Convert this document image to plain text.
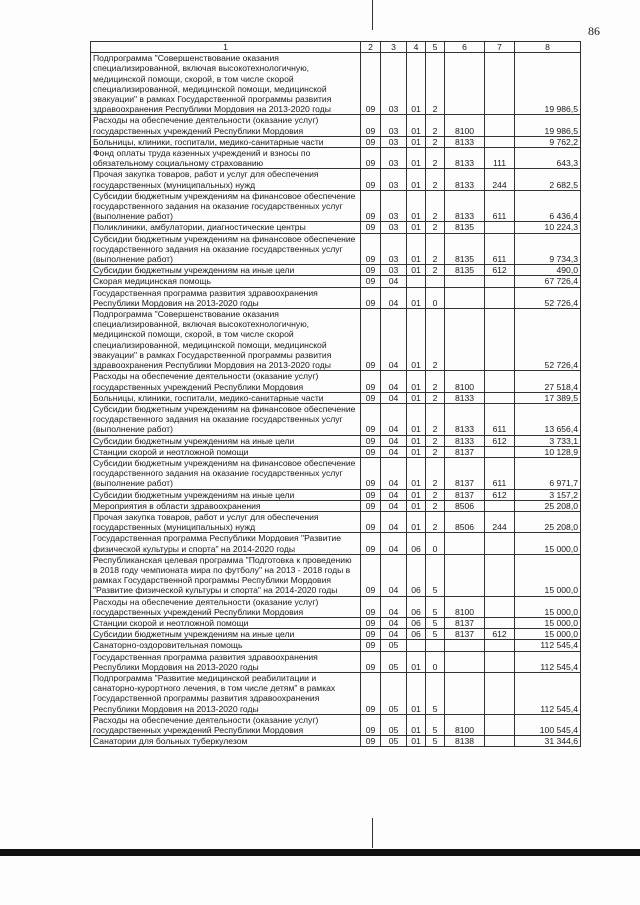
86
1	2	3	4	5	6	7	8
Подпрограмма "Совершенствование оказания специализированной, включая высокотехнологичную, медицинской помощи, скорой, в том числе скорой специализированной, медицинской помощи, медицинской эвакуации" в рамках Государственной программы развития здравоохранения Республики Мордовия на 2013-2020 годы	09	03	01	2			19 986,5
Расходы на обеспечение деятельности (оказание услуг) государственных учреждений Республики Мордовия	09	03	01	2	8100		19 986,5
Больницы, клиники, госпитали, медико-санитарные части	09	03	01	2	8133		9 762,2
Фонд оплаты труда казенных учреждений и взносы по обязательному социальному страхованию	09	03	01	2	8133	111	643,3
Прочая закупка товаров, работ и услуг для обеспечения государственных (муниципальных) нужд	09	03	01	2	8133	244	2 682,5
Субсидии бюджетным учреждениям на финансовое обеспечение государственного задания на оказание государственных услуг (выполнение работ)	09	03	01	2	8133	611	6 436,4
Поликлиники, амбулатории, диагностические центры	09	03	01	2	8135		10 224,3
Субсидии бюджетным учреждениям на финансовое обеспечение государственного задания на оказание государственных услуг (выполнение работ)	09	03	01	2	8135	611	9 734,3
Субсидии бюджетным учреждениям на иные цели	09	03	01	2	8135	612	490,0
Скорая медицинская помощь	09	04					67 726,4
Государственная программа развития здравоохранения Республики Мордовия на 2013-2020 годы	09	04	01	0			52 726,4
Подпрограмма "Совершенствование оказания специализированной, включая высокотехнологичную, медицинской помощи, скорой, в том числе скорой специализированной, медицинской помощи, медицинской эвакуации" в рамках Государственной программы развития здравоохранения Республики Мордовия на 2013-2020 годы	09	04	01	2			52 726,4
Расходы на обеспечение деятельности (оказание услуг) государственных учреждений Республики Мордовия	09	04	01	2	8100		27 518,4
Больницы, клиники, госпитали, медико-санитарные части	09	04	01	2	8133		17 389,5
Субсидии бюджетным учреждениям на финансовое обеспечение государственного задания на оказание государственных услуг (выполнение работ)	09	04	01	2	8133	611	13 656,4
Субсидии бюджетным учреждениям на иные цели	09	04	01	2	8133	612	3 733,1
Станции скорой и неотложной помощи	09	04	01	2	8137		10 128,9
Субсидии бюджетным учреждениям на финансовое обеспечение государственного задания на оказание государственных услуг (выполнение работ)	09	04	01	2	8137	611	6 971,7
Субсидии бюджетным учреждениям на иные цели	09	04	01	2	8137	612	3 157,2
Мероприятия в области здравоохранения	09	04	01	2	8506		25 208,0
Прочая закупка товаров, работ и услуг для обеспечения государственных (муниципальных) нужд	09	04	01	2	8506	244	25 208,0
Государственная программа Республики Мордовия "Развитие физической культуры и спорта" на 2014-2020 годы	09	04	06	0			15 000,0
Республиканская целевая программа "Подготовка к проведению в 2018 году чемпионата мира по футболу" на 2013 - 2018 годы в рамках Государственной программы Республики Мордовия "Развитие физической культуры и спорта" на 2014-2020 годы	09	04	06	5			15 000,0
Расходы на обеспечение деятельности (оказание услуг) государственных учреждений Республики Мордовия	09	04	06	5	8100		15 000,0
Станции скорой и неотложной помощи	09	04	06	5	8137		15 000,0
Субсидии бюджетным учреждениям на иные цели	09	04	06	5	8137	612	15 000,0
Санаторно-оздоровительная помощь	09	05					112 545,4
Государственная программа развития здравоохранения Республики Мордовия на 2013-2020 годы	09	05	01	0			112 545,4
Подпрограмма "Развитие медицинской реабилитации и санаторно-курортного лечения, в том числе детям" в рамках Государственной программы развития здравоохранения Республики Мордовия на 2013-2020 годы	09	05	01	5			112 545,4
Расходы на обеспечение деятельности (оказание услуг) государственных учреждений Республики Мордовия	09	05	01	5	8100		100 545,4
Санатории для больных туберкулезом	09	05	01	5	8138		31 344,6
